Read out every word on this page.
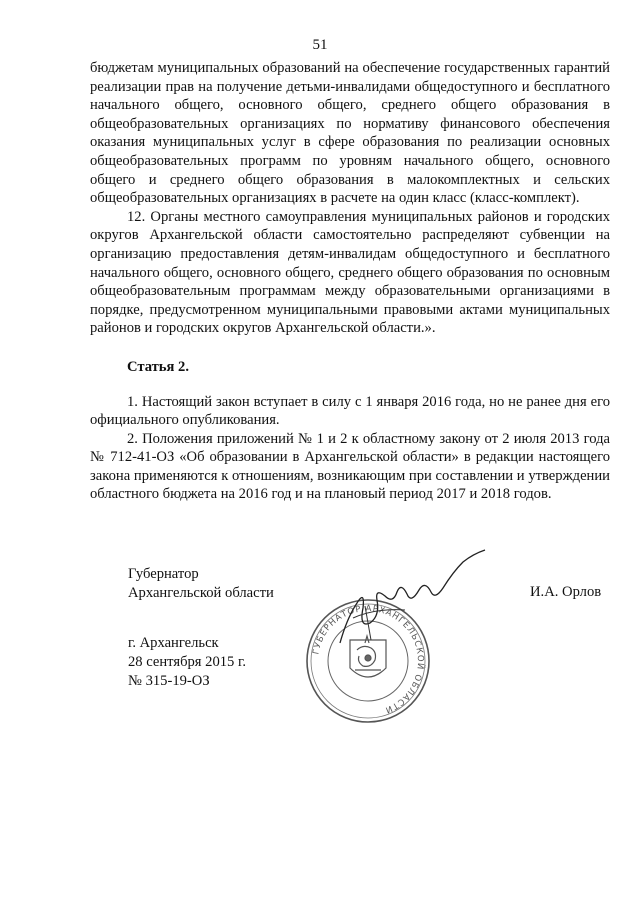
51

бюджетам муниципальных образований на обеспечение государственных гарантий реализации прав на получение детьми-инвалидами общедоступного и бесплатного начального общего, основного общего, среднего общего образования в общеобразовательных организациях по нормативу финансового обеспечения оказания муниципальных услуг в сфере образования по реализации основных общеобразовательных программ по уровням начального общего, основного общего и среднего общего образования в малокомплектных и сельских общеобразовательных организациях в расчете на один класс (класс-комплект).

12. Органы местного самоуправления муниципальных районов и городских округов Архангельской области самостоятельно распределяют субвенции на организацию предоставления детям-инвалидам общедоступного и бесплатного начального общего, основного общего, среднего общего образования по основным общеобразовательным программам между образовательными организациями в порядке, предусмотренном муниципальными правовыми актами муниципальных районов и городских округов Архангельской области.».

Статья 2.

1. Настоящий закон вступает в силу с 1 января 2016 года, но не ранее дня его официального опубликования.

2. Положения приложений № 1 и 2 к областному закону от 2 июля 2013 года № 712-41-ОЗ «Об образовании в Архангельской области» в редакции настоящего закона применяются к отношениям, возникающим при составлении и утверждении областного бюджета на 2016 год и на плановый период 2017 и 2018 годов.

Губернатор
Архангельской области	И.А. Орлов
ГУБЕРНАТОР АРХАНГЕЛЬСКОЙ ОБЛАСТИ
г. Архангельск
28 сентября 2015 г.
№ 315-19-ОЗ
